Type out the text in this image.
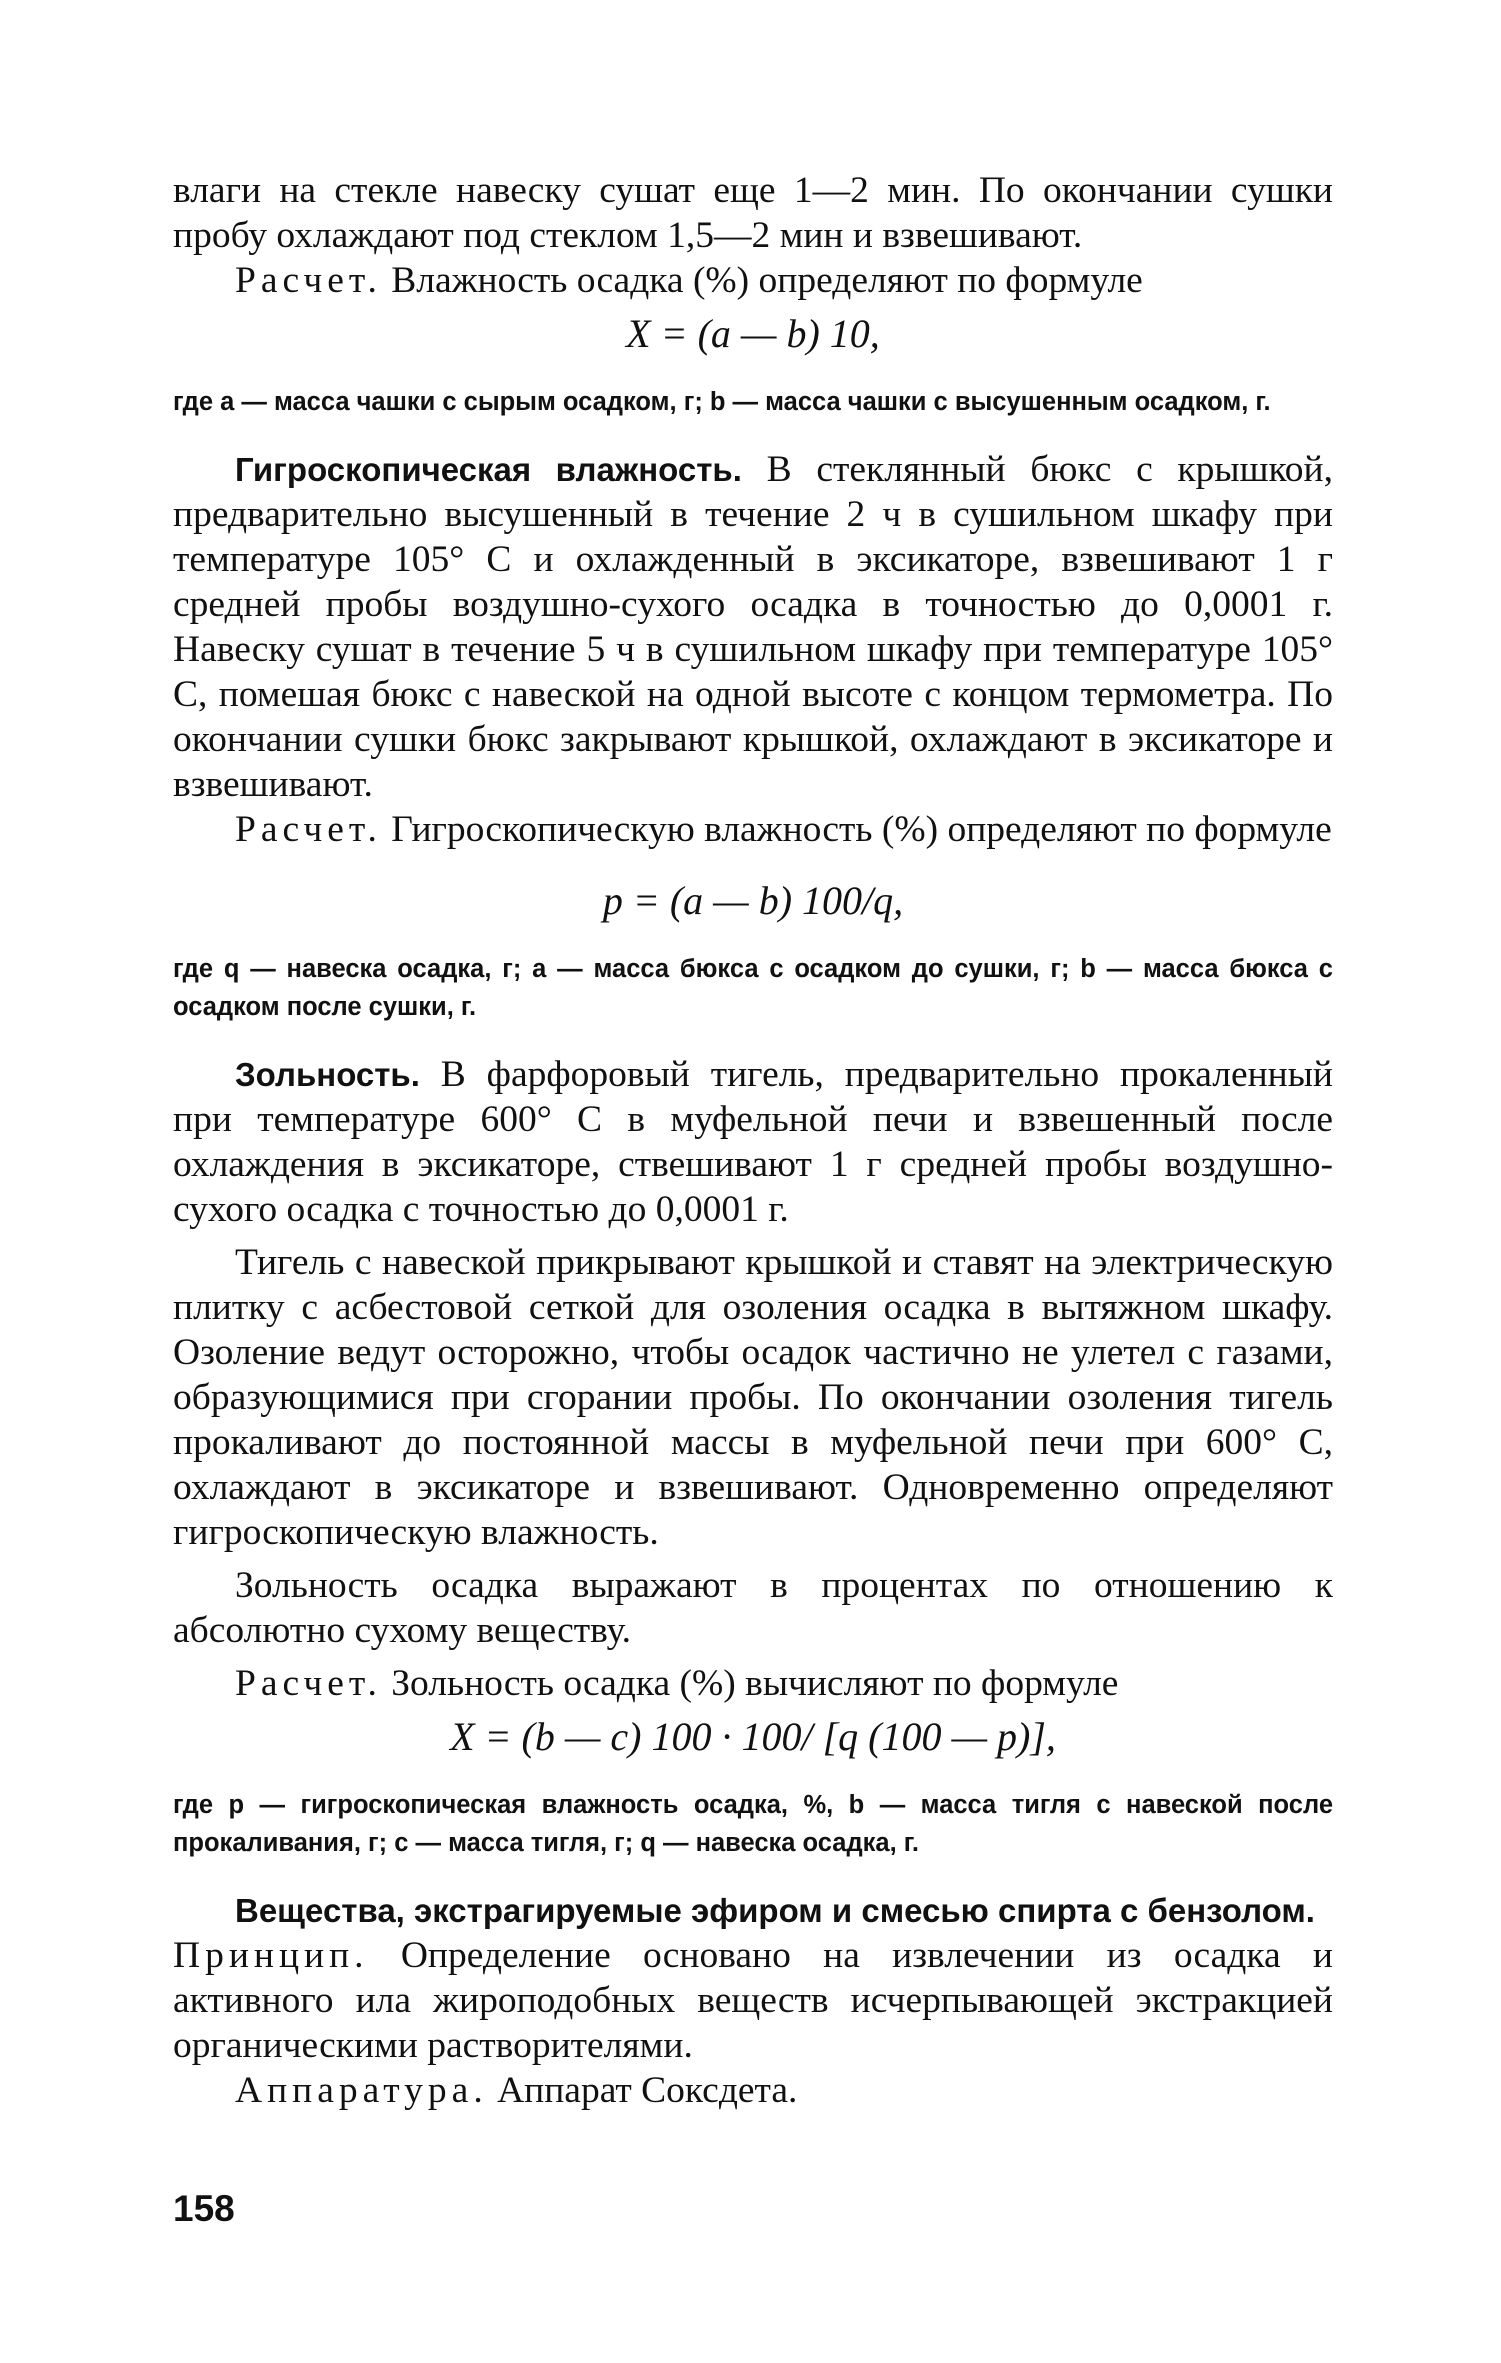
влаги на стекле навеску сушат еще 1—2 мин. По окончании сушки пробу охлаждают под стеклом 1,5—2 мин и взвешивают.

Расчет. Влажность осадка (%) определяют по формуле

X = (a — b) 10,

где a — масса чашки с сырым осадком, г; b — масса чашки с высушенным осадком, г.

Гигроскопическая влажность. В стеклянный бюкс с крышкой, предварительно высушенный в течение 2 ч в сушильном шкафу при температуре 105° С и охлажденный в эксикаторе, взвешивают 1 г средней пробы воздушно-сухого осадка в точностью до 0,0001 г. Навеску сушат в течение 5 ч в сушильном шкафу при температуре 105° С, помешая бюкс с навеской на одной высоте с концом термометра. По окончании сушки бюкс закрывают крышкой, охлаждают в эксикаторе и взвешивают.

Расчет. Гигроскопическую влажность (%) определяют по формуле

p = (a — b) 100/q,

где q — навеска осадка, г; a — масса бюкса с осадком до сушки, г; b — масса бюкса с осадком после сушки, г.

Зольность. В фарфоровый тигель, предварительно прокаленный при температуре 600° С в муфельной печи и взвешенный после охлаждения в эксикаторе, ствешивают 1 г средней пробы воздушно-сухого осадка с точностью до 0,0001 г.

Тигель с навеской прикрывают крышкой и ставят на электрическую плитку с асбестовой сеткой для озоления осадка в вытяжном шкафу. Озоление ведут осторожно, чтобы осадок частично не улетел с газами, образующимися при сгорании пробы. По окончании озоления тигель прокаливают до постоянной массы в муфельной печи при 600° С, охлаждают в эксикаторе и взвешивают. Одновременно определяют гигроскопическую влажность.

Зольность осадка выражают в процентах по отношению к абсолютно сухому веществу.

Расчет. Зольность осадка (%) вычисляют по формуле

X = (b — c) 100 · 100/ [q (100 — p)],

где p — гигроскопическая влажность осадка, %, b — масса тигля с навеской после прокаливания, г; c — масса тигля, г; q — навеска осадка, г.

Вещества, экстрагируемые эфиром и смесью спирта с бензолом.
Принцип. Определение основано на извлечении из осадка и активного ила жироподобных веществ исчерпывающей экстракцией органическими растворителями.

Аппаратура. Аппарат Соксдета.

158
